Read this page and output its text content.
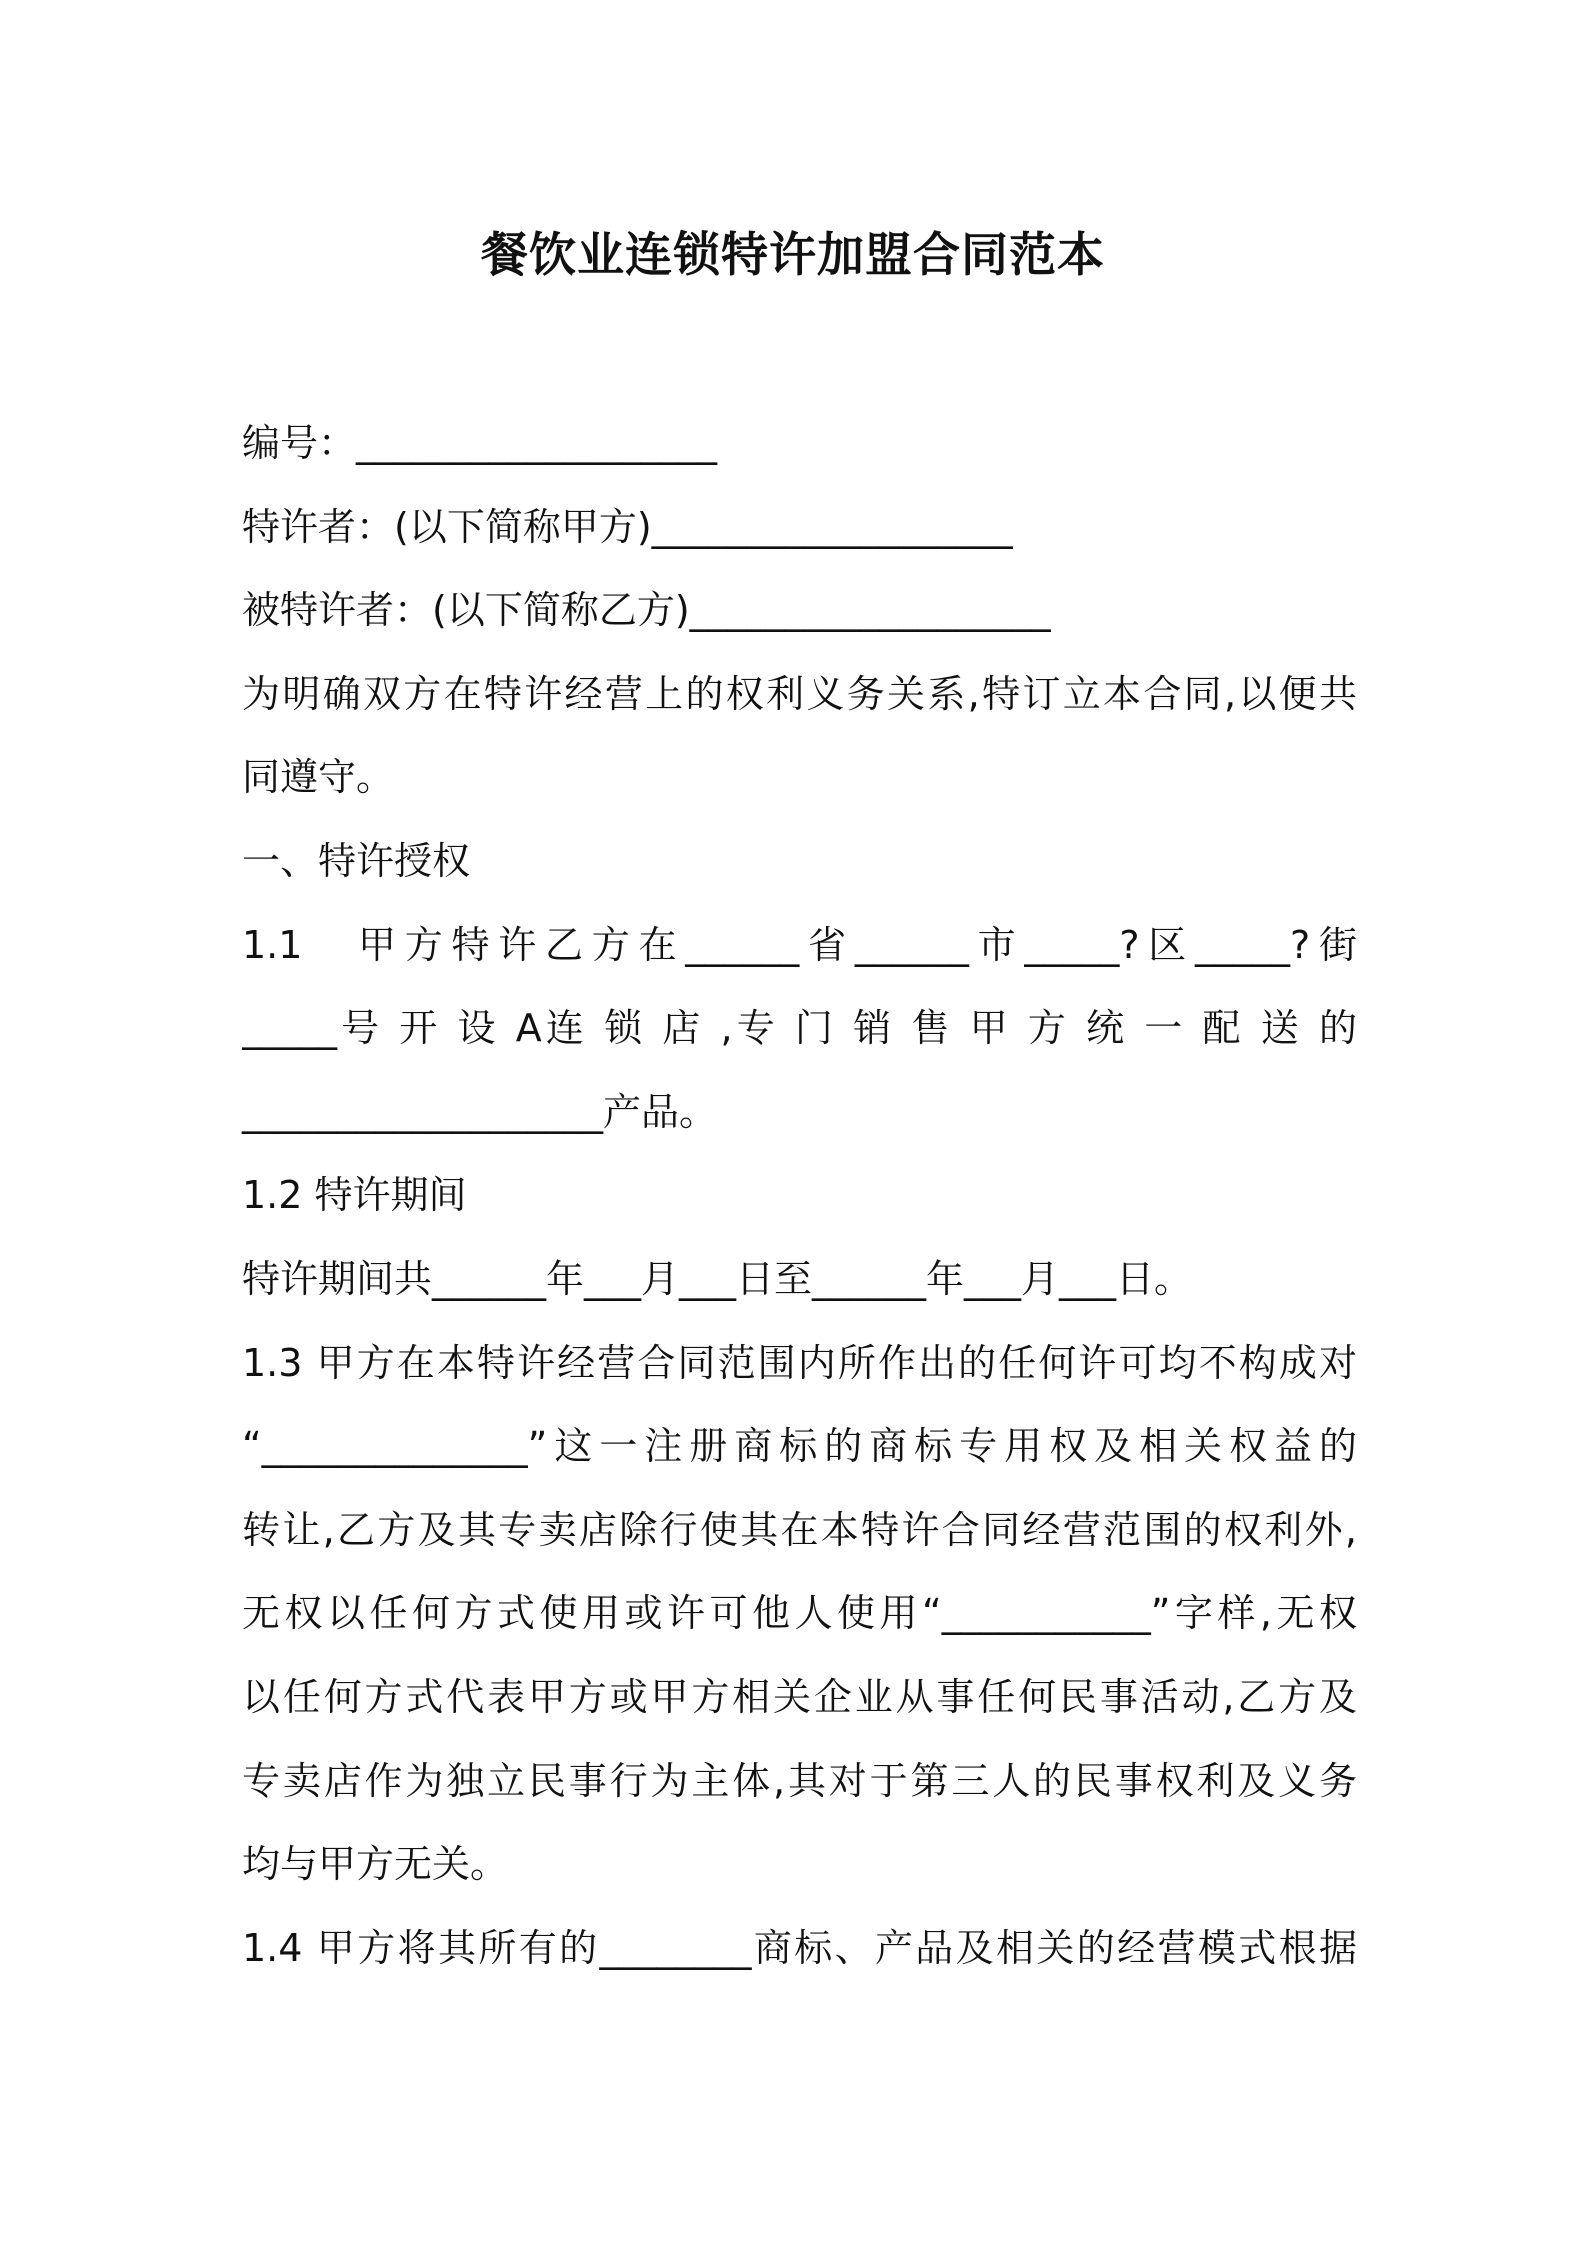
餐饮业连锁特许加盟合同范本
编号：___________________
特许者：(以下简称甲方)___________________
被特许者：(以下简称乙方)___________________
为明确双方在特许经营上的权利义务关系,特订立本合同,以便共
同遵守。
一、特许授权
1.1　甲方特许乙方在______省______市_____?区_____?街
_____号 开 设 A连 锁 店 ,专 门 销 售 甲 方 统 一 配 送 的
___________________产品。
1.2 特许期间
特许期间共______年___月___日至______年___月___日。
1.3 甲方在本特许经营合同范围内所作出的任何许可均不构成对
“______________”这一注册商标的商标专用权及相关权益的
转让,乙方及其专卖店除行使其在本特许合同经营范围的权利外,
无权以任何方式使用或许可他人使用“___________”字样,无权
以任何方式代表甲方或甲方相关企业从事任何民事活动,乙方及
专卖店作为独立民事行为主体,其对于第三人的民事权利及义务
均与甲方无关。
1.4 甲方将其所有的________商标、产品及相关的经营模式根据
